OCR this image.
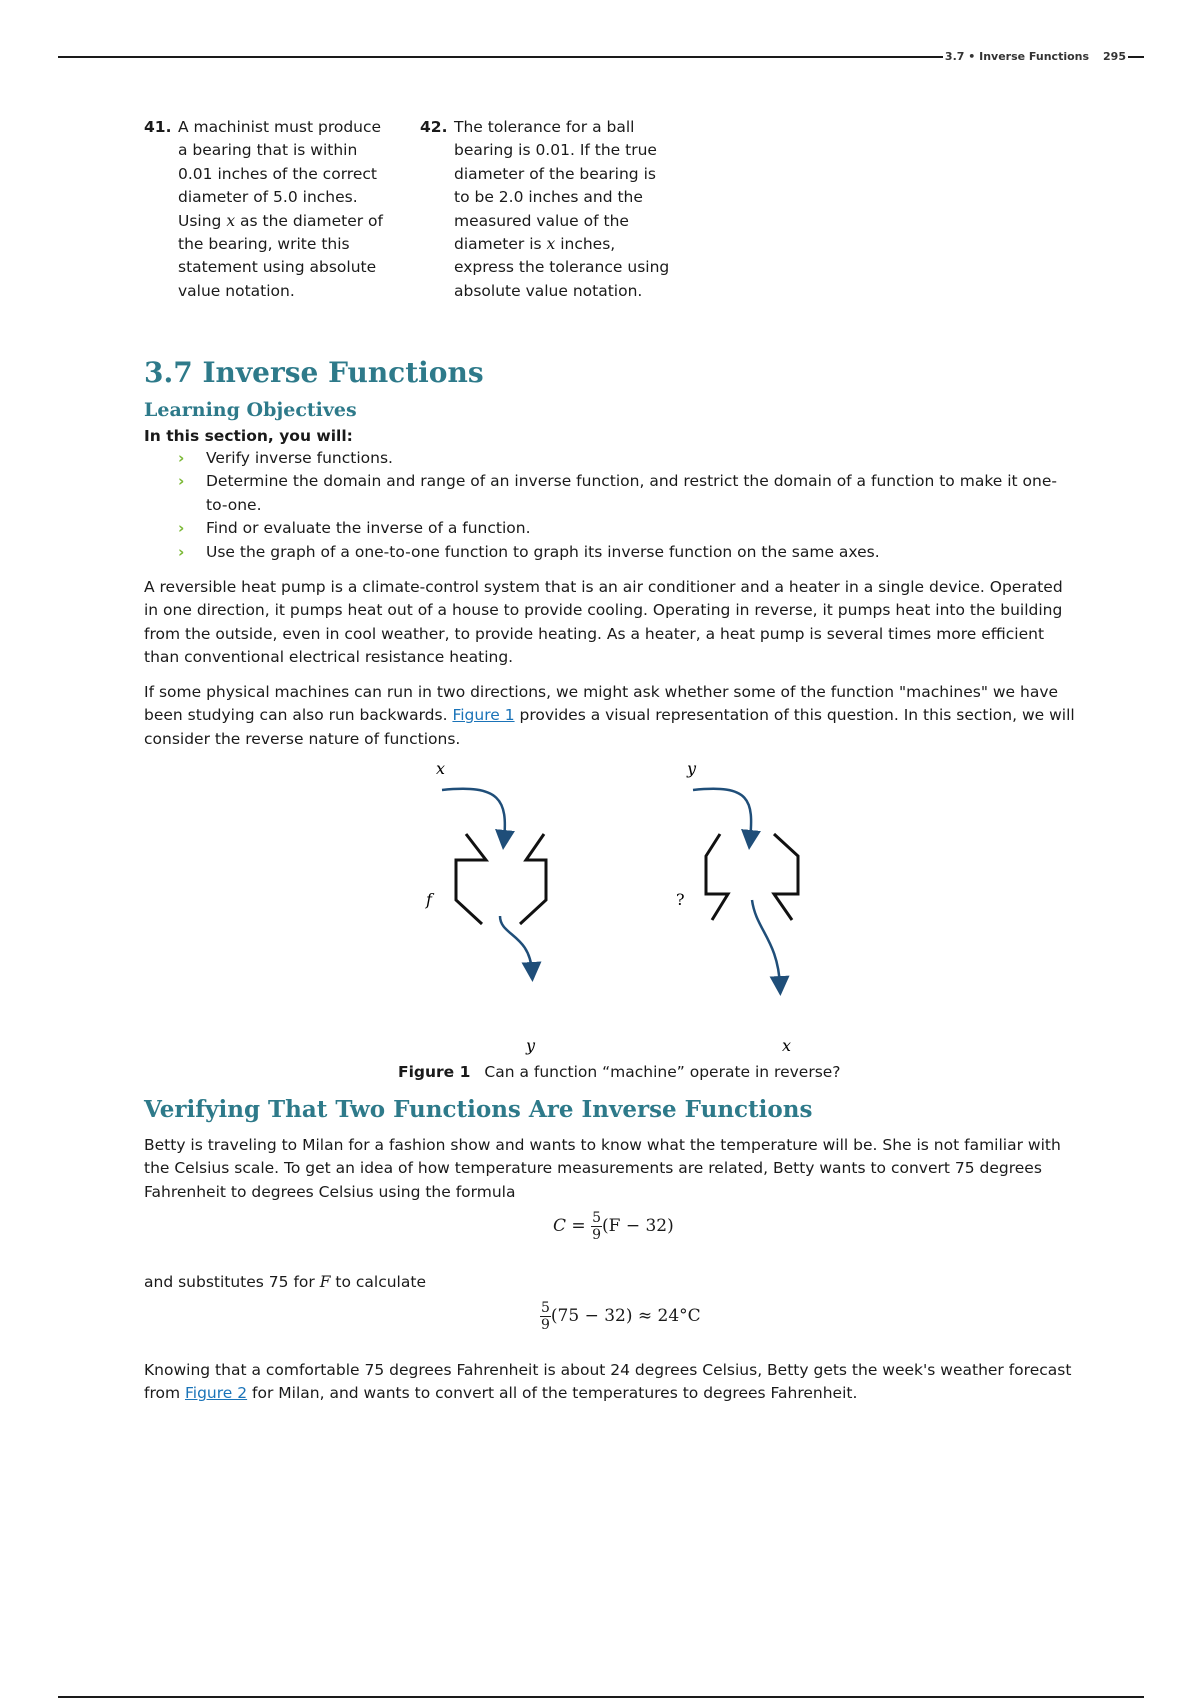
3.7 • Inverse Functions 295
41. A machinist must produce a bearing that is within 0.01 inches of the correct diameter of 5.0 inches. Using x as the diameter of the bearing, write this statement using absolute value notation.
42. The tolerance for a ball bearing is 0.01. If the true diameter of the bearing is to be 2.0 inches and the measured value of the diameter is x inches, express the tolerance using absolute value notation.
3.7 Inverse Functions
Learning Objectives
In this section, you will:
› Verify inverse functions.
› Determine the domain and range of an inverse function, and restrict the domain of a function to make it one-to-one.
› Find or evaluate the inverse of a function.
› Use the graph of a one-to-one function to graph its inverse function on the same axes.

A reversible heat pump is a climate-control system that is an air conditioner and a heater in a single device. Operated in one direction, it pumps heat out of a house to provide cooling. Operating in reverse, it pumps heat into the building from the outside, even in cool weather, to provide heating. As a heater, a heat pump is several times more efficient than conventional electrical resistance heating.

If some physical machines can run in two directions, we might ask whether some of the function "machines" we have been studying can also run backwards. Figure 1 provides a visual representation of this question. In this section, we will consider the reverse nature of functions.

x
f
y
y
?
x
Figure 1 Can a function “machine” operate in reverse?
Verifying That Two Functions Are Inverse Functions

Betty is traveling to Milan for a fashion show and wants to know what the temperature will be. She is not familiar with the Celsius scale. To get an idea of how temperature measurements are related, Betty wants to convert 75 degrees Fahrenheit to degrees Celsius using the formula

$C = \frac{5}{9} (F - 32)$

and substitutes 75 for F to calculate

$\frac{5}{9} (75 - 32) \approx 24^\circ C$

Knowing that a comfortable 75 degrees Fahrenheit is about 24 degrees Celsius, Betty gets the week's weather forecast from Figure 2 for Milan, and wants to convert all of the temperatures to degrees Fahrenheit.
